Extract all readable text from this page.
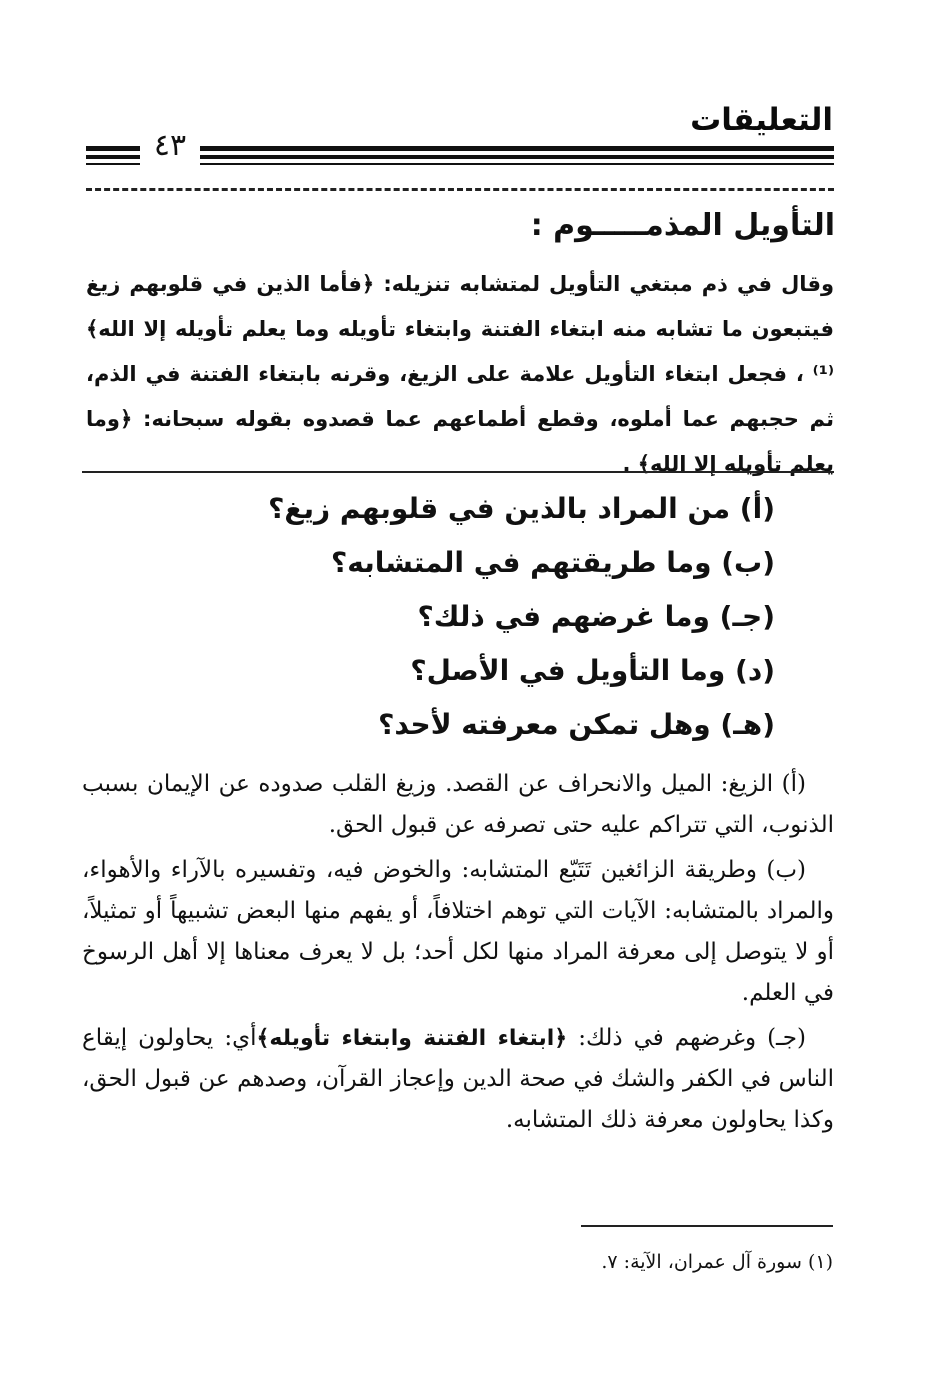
التعليقات
٤٣
التأويل المذمـــــوم :
وقال في ذم مبتغي التأويل لمتشابه تنزيله: ﴿فأما الذين في قلوبهم زيغ فيتبعون ما تشابه منه ابتغاء الفتنة وابتغاء تأويله وما يعلم تأويله إلا الله﴾⁽¹⁾ ، فجعل ابتغاء التأويل علامة على الزيغ، وقرنه بابتغاء الفتنة في الذم، ثم حجبهم عما أملوه، وقطع أطماعهم عما قصدوه بقوله سبحانه: ﴿وما يعلم تأويله إلا الله﴾ .
(أ) من المراد بالذين في قلوبهم زيغ؟
(ب) وما طريقتهم في المتشابه؟
(جـ) وما غرضهم في ذلك؟
(د) وما التأويل في الأصل؟
(هـ) وهل تمكن معرفته لأحد؟

(أ) الزيغ: الميل والانحراف عن القصد. وزيغ القلب صدوده عن الإيمان بسبب الذنوب، التي تتراكم عليه حتى تصرفه عن قبول الحق.

(ب) وطريقة الزائغين تَتَبّع المتشابه: والخوض فيه، وتفسيره بالآراء والأهواء، والمراد بالمتشابه: الآيات التي توهم اختلافاً، أو يفهم منها البعض تشبيهاً أو تمثيلاً، أو لا يتوصل إلى معرفة المراد منها لكل أحد؛ بل لا يعرف معناها إلا أهل الرسوخ في العلم.

(جـ) وغرضهم في ذلك: ﴿ابتغاء الفتنة وابتغاء تأويله﴾أي: يحاولون إيقاع الناس في الكفر والشك في صحة الدين وإعجاز القرآن، وصدهم عن قبول الحق، وكذا يحاولون معرفة ذلك المتشابه.

(١) سورة آل عمران، الآية: ٧.
